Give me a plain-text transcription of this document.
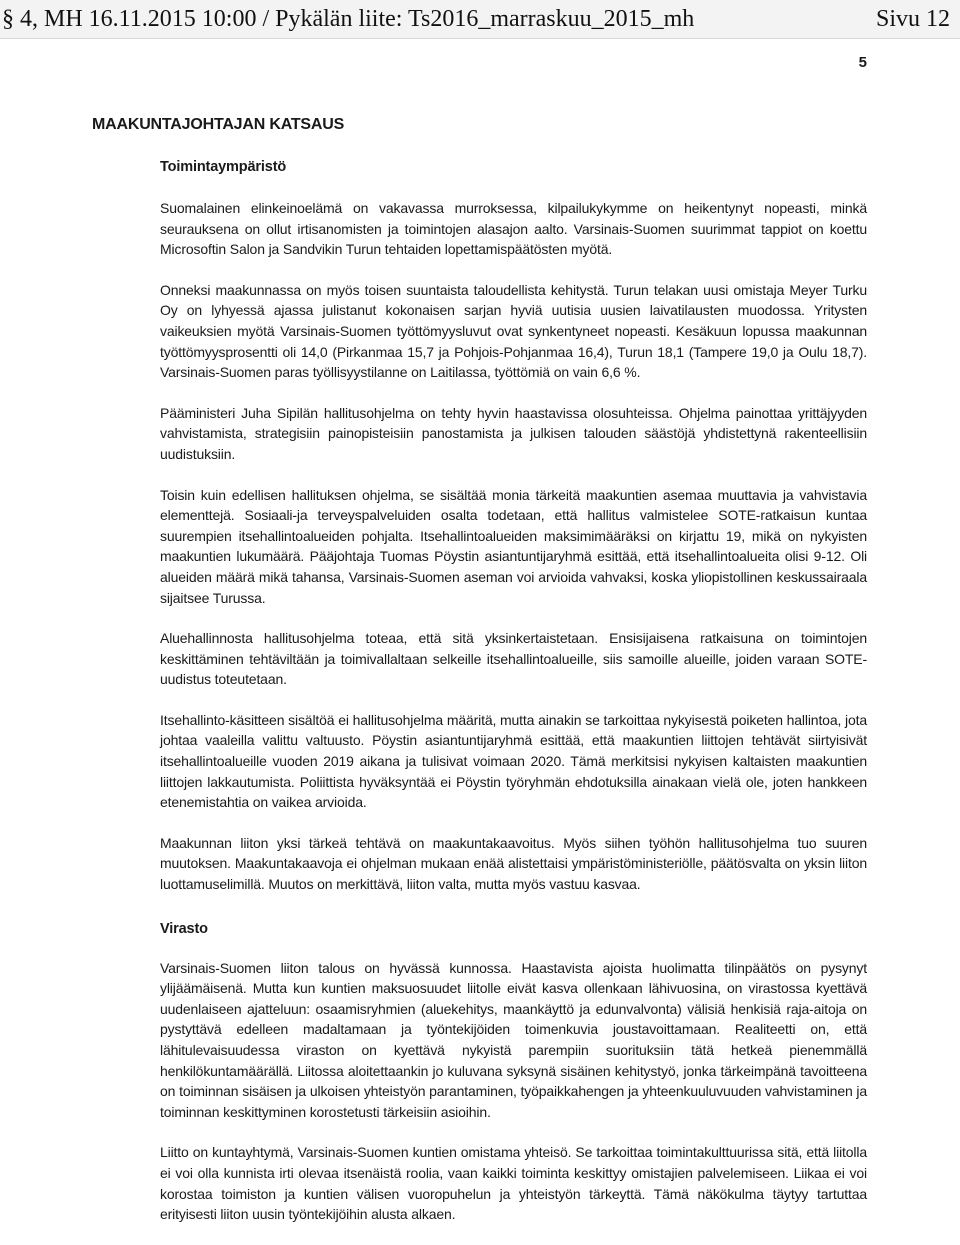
§ 4, MH 16.11.2015 10:00 / Pykälän liite: Ts2016_marraskuu_2015_mh	Sivu 12
5
MAAKUNTAJOHTAJAN KATSAUS
Toimintaympäristö

Suomalainen elinkeinoelämä on vakavassa murroksessa, kilpailukykymme on heikentynyt nopeasti, minkä seurauksena on ollut irtisanomisten ja toimintojen alasajon aalto. Varsinais-Suomen suurimmat tappiot on koettu Microsoftin Salon ja Sandvikin Turun tehtaiden lopettamispäätösten myötä.

Onneksi maakunnassa on myös toisen suuntaista taloudellista kehitystä. Turun telakan uusi omistaja Meyer Turku Oy on lyhyessä ajassa julistanut kokonaisen sarjan hyviä uutisia uusien laivatilausten muodossa. Yritysten vaikeuksien myötä Varsinais-Suomen työttömyysluvut ovat synkentyneet nopeasti. Kesäkuun lopussa maakunnan työttömyysprosentti oli 14,0 (Pirkanmaa 15,7 ja Pohjois-Pohjanmaa 16,4), Turun 18,1 (Tampere 19,0 ja Oulu 18,7). Varsinais-Suomen paras työllisyystilanne on Laitilassa, työttömiä on vain 6,6 %.

Pääministeri Juha Sipilän hallitusohjelma on tehty hyvin haastavissa olosuhteissa. Ohjelma painottaa yrittäjyyden vahvistamista, strategisiin painopisteisiin panostamista ja julkisen talouden säästöjä yhdistettynä rakenteellisiin uudistuksiin.

Toisin kuin edellisen hallituksen ohjelma, se sisältää monia tärkeitä maakuntien asemaa muuttavia ja vahvistavia elementtejä. Sosiaali-ja terveyspalveluiden osalta todetaan, että hallitus valmistelee SOTE-ratkaisun kuntaa suurempien itsehallintoalueiden pohjalta. Itsehallintoalueiden maksimimääräksi on kirjattu 19, mikä on nykyisten maakuntien lukumäärä. Pääjohtaja Tuomas Pöystin asiantuntijaryhmä esittää, että itsehallintoalueita olisi 9-12. Oli alueiden määrä mikä tahansa, Varsinais-Suomen aseman voi arvioida vahvaksi, koska yliopistollinen keskussairaala sijaitsee Turussa.

Aluehallinnosta hallitusohjelma toteaa, että sitä yksinkertaistetaan. Ensisijaisena ratkaisuna on toimintojen keskittäminen tehtäviltään ja toimivallaltaan selkeille itsehallintoalueille, siis samoille alueille, joiden varaan SOTE-uudistus toteutetaan.

Itsehallinto-käsitteen sisältöä ei hallitusohjelma määritä, mutta ainakin se tarkoittaa nykyisestä poiketen hallintoa, jota johtaa vaaleilla valittu valtuusto. Pöystin asiantuntijaryhmä esittää, että maakuntien liittojen tehtävät siirtyisivät itsehallintoalueille vuoden 2019 aikana ja tulisivat voimaan 2020. Tämä merkitsisi nykyisen kaltaisten maakuntien liittojen lakkautumista. Poliittista hyväksyntää ei Pöystin työryhmän ehdotuksilla ainakaan vielä ole, joten hankkeen etenemistahtia on vaikea arvioida.

Maakunnan liiton yksi tärkeä tehtävä on maakuntakaavoitus. Myös siihen työhön hallitusohjelma tuo suuren muutoksen. Maakuntakaavoja ei ohjelman mukaan enää alistettaisi ympäristöministeriölle, päätösvalta on yksin liiton luottamuselimillä. Muutos on merkittävä, liiton valta, mutta myös vastuu kasvaa.

Virasto

Varsinais-Suomen liiton talous on hyvässä kunnossa. Haastavista ajoista huolimatta tilinpäätös on pysynyt ylijäämäisenä. Mutta kun kuntien maksuosuudet liitolle eivät kasva ollenkaan lähivuosina, on virastossa kyettävä uudenlaiseen ajatteluun: osaamisryhmien (aluekehitys, maankäyttö ja edunvalvonta) välisiä henkisiä raja-aitoja on pystyttävä edelleen madaltamaan ja työntekijöiden toimenkuvia joustavoittamaan. Realiteetti on, että lähitulevaisuudessa viraston on kyettävä nykyistä parempiin suorituksiin tätä hetkeä pienemmällä henkilökuntamäärällä. Liitossa aloitettaankin jo kuluvana syksynä sisäinen kehitystyö, jonka tärkeimpänä tavoitteena on toiminnan sisäisen ja ulkoisen yhteistyön parantaminen, työpaikkahengen ja yhteenkuuluvuuden vahvistaminen ja toiminnan keskittyminen korostetusti tärkeisiin asioihin.

Liitto on kuntayhtymä, Varsinais-Suomen kuntien omistama yhteisö. Se tarkoittaa toimintakulttuurissa sitä, että liitolla ei voi olla kunnista irti olevaa itsenäistä roolia, vaan kaikki toiminta keskittyy omistajien palvelemiseen. Liikaa ei voi korostaa toimiston ja kuntien välisen vuoropuhelun ja yhteistyön tärkeyttä. Tämä näkökulma täytyy tartuttaa erityisesti liiton uusin työntekijöihin alusta alkaen.
